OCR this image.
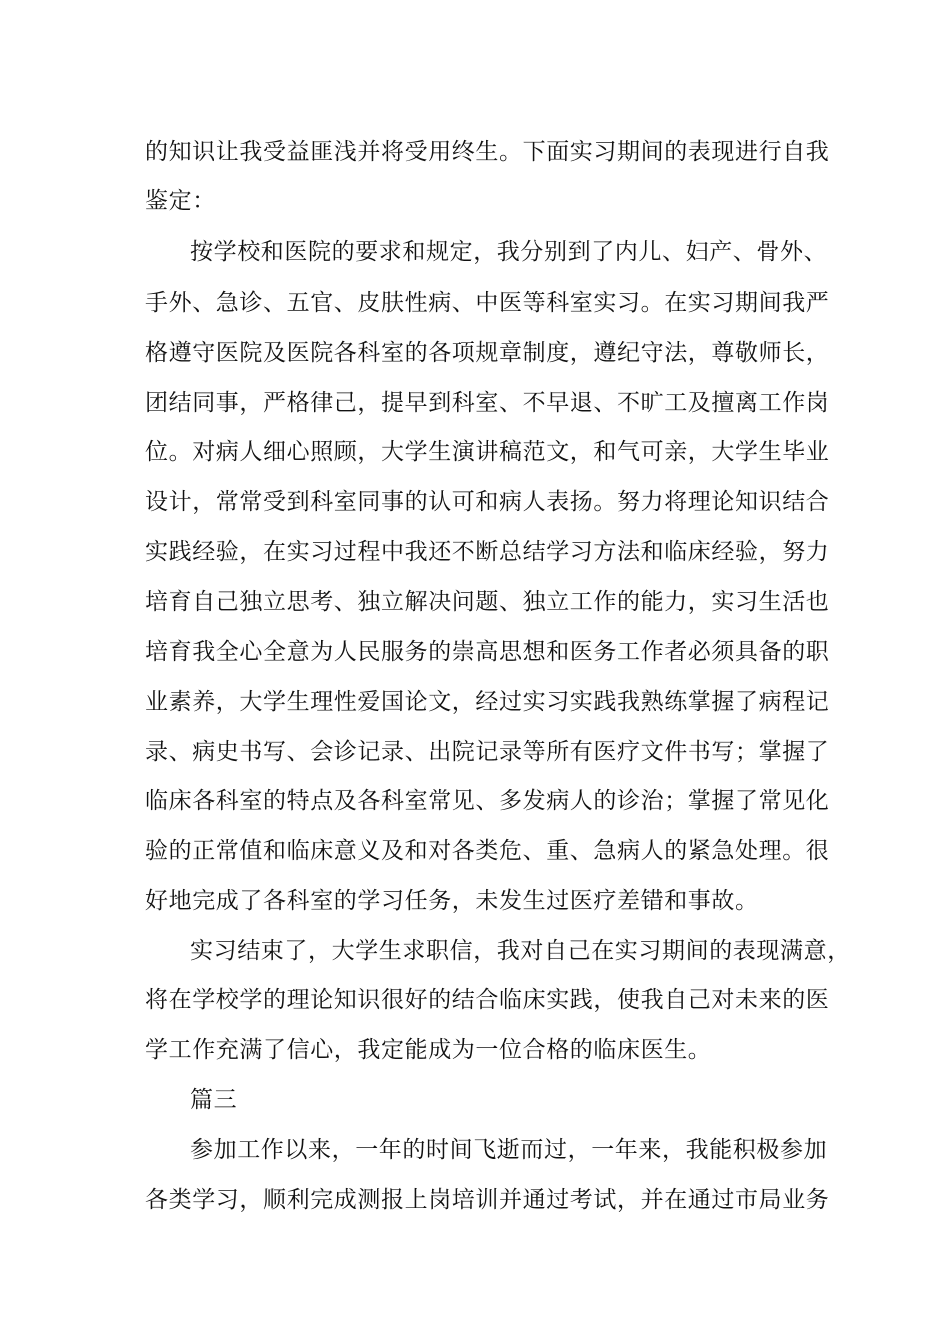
的知识让我受益匪浅并将受用终生。下面实习期间的表现进行自我
鉴定：
按学校和医院的要求和规定，我分别到了内儿、妇产、骨外、
手外、急诊、五官、皮肤性病、中医等科室实习。在实习期间我严
格遵守医院及医院各科室的各项规章制度，遵纪守法，尊敬师长，
团结同事，严格律己，提早到科室、不早退、不旷工及擅离工作岗
位。对病人细心照顾，大学生演讲稿范文，和气可亲，大学生毕业
设计，常常受到科室同事的认可和病人表扬。努力将理论知识结合
实践经验，在实习过程中我还不断总结学习方法和临床经验，努力
培育自己独立思考、独立解决问题、独立工作的能力，实习生活也
培育我全心全意为人民服务的崇高思想和医务工作者必须具备的职
业素养，大学生理性爱国论文，经过实习实践我熟练掌握了病程记
录、病史书写、会诊记录、出院记录等所有医疗文件书写；掌握了
临床各科室的特点及各科室常见、多发病人的诊治；掌握了常见化
验的正常值和临床意义及和对各类危、重、急病人的紧急处理。很
好地完成了各科室的学习任务，未发生过医疗差错和事故。
实习结束了，大学生求职信，我对自己在实习期间的表现满意，
将在学校学的理论知识很好的结合临床实践，使我自己对未来的医
学工作充满了信心，我定能成为一位合格的临床医生。
篇三
参加工作以来，一年的时间飞逝而过，一年来，我能积极参加
各类学习，顺利完成测报上岗培训并通过考试，并在通过市局业务
